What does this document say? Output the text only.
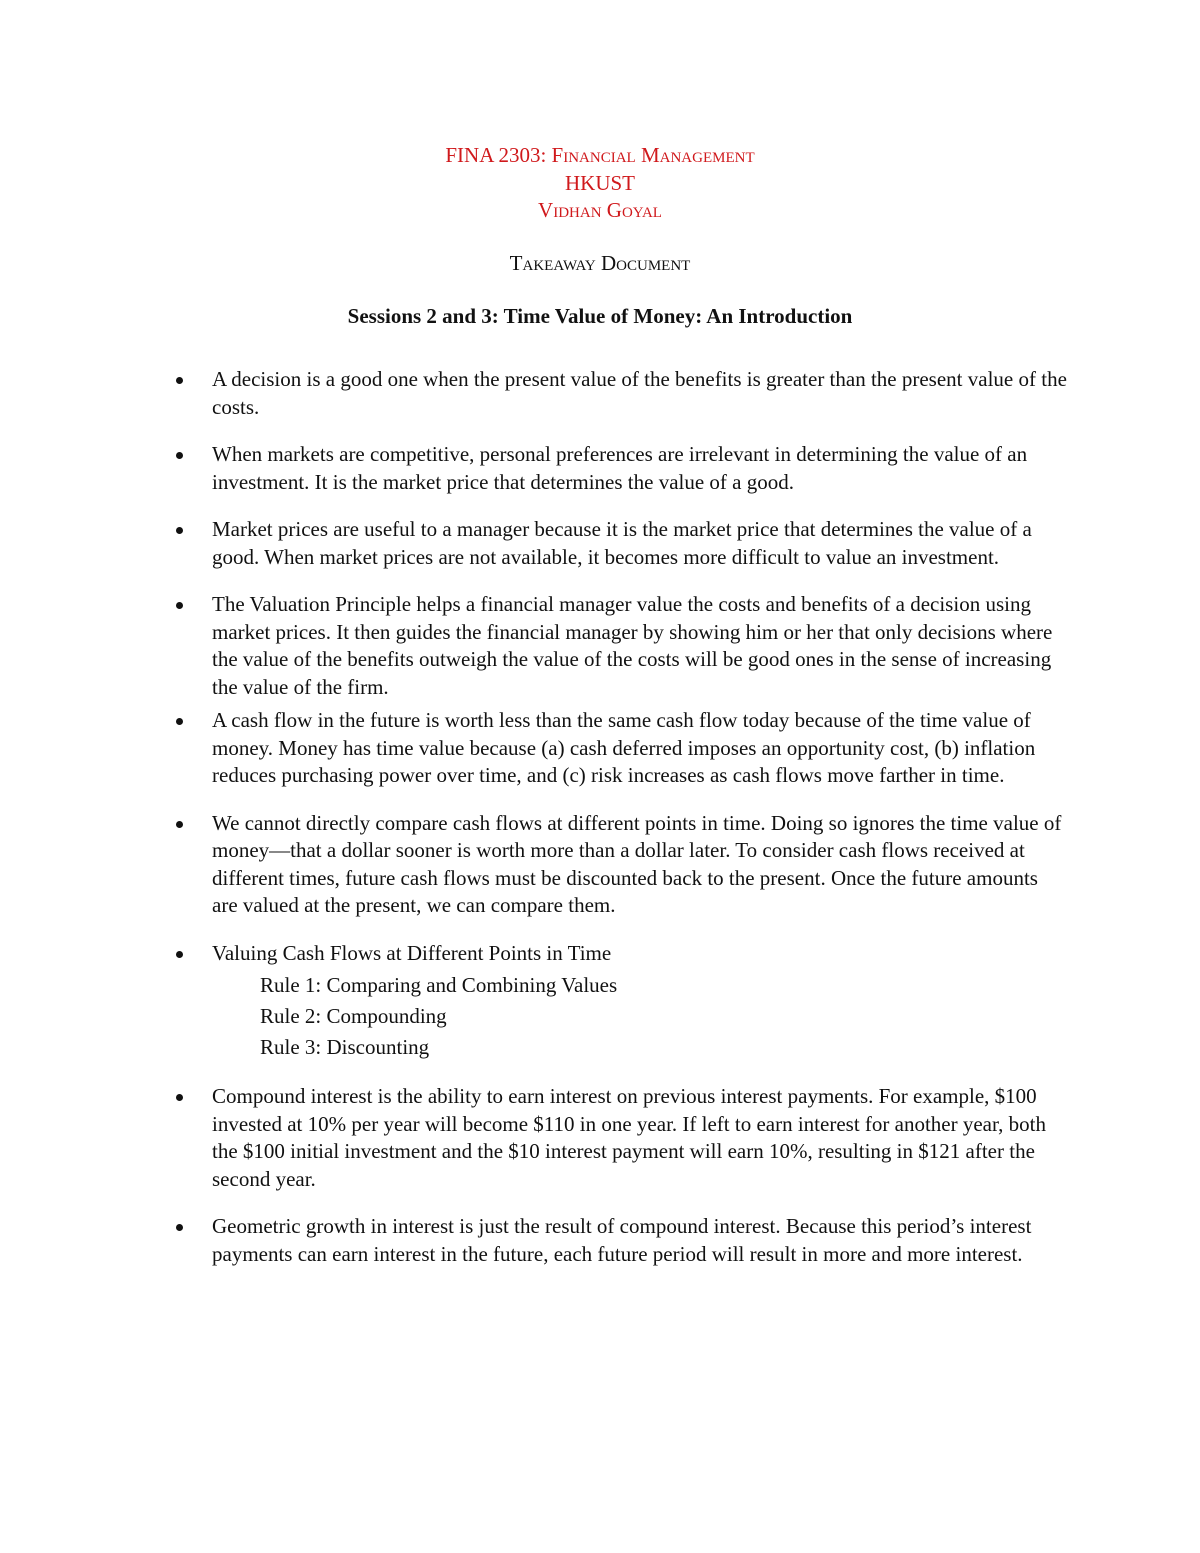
FINA 2303: Financial Management
HKUST
Vidhan Goyal
Takeaway Document
Sessions 2 and 3: Time Value of Money: An Introduction
A decision is a good one when the present value of the benefits is greater than the present value of the costs.
When markets are competitive, personal preferences are irrelevant in determining the value of an investment. It is the market price that determines the value of a good.
Market prices are useful to a manager because it is the market price that determines the value of a good. When market prices are not available, it becomes more difficult to value an investment.
The Valuation Principle helps a financial manager value the costs and benefits of a decision using market prices. It then guides the financial manager by showing him or her that only decisions where the value of the benefits outweigh the value of the costs will be good ones in the sense of increasing the value of the firm.
A cash flow in the future is worth less than the same cash flow today because of the time value of money. Money has time value because (a) cash deferred imposes an opportunity cost, (b) inflation reduces purchasing power over time, and (c) risk increases as cash flows move farther in time.
We cannot directly compare cash flows at different points in time. Doing so ignores the time value of money—that a dollar sooner is worth more than a dollar later. To consider cash flows received at different times, future cash flows must be discounted back to the present. Once the future amounts are valued at the present, we can compare them.
Valuing Cash Flows at Different Points in Time
Rule 1: Comparing and Combining Values
Rule 2: Compounding
Rule 3: Discounting
Compound interest is the ability to earn interest on previous interest payments. For example, $100 invested at 10% per year will become $110 in one year. If left to earn interest for another year, both the $100 initial investment and the $10 interest payment will earn 10%, resulting in $121 after the second year.
Geometric growth in interest is just the result of compound interest. Because this period’s interest payments can earn interest in the future, each future period will result in more and more interest.
